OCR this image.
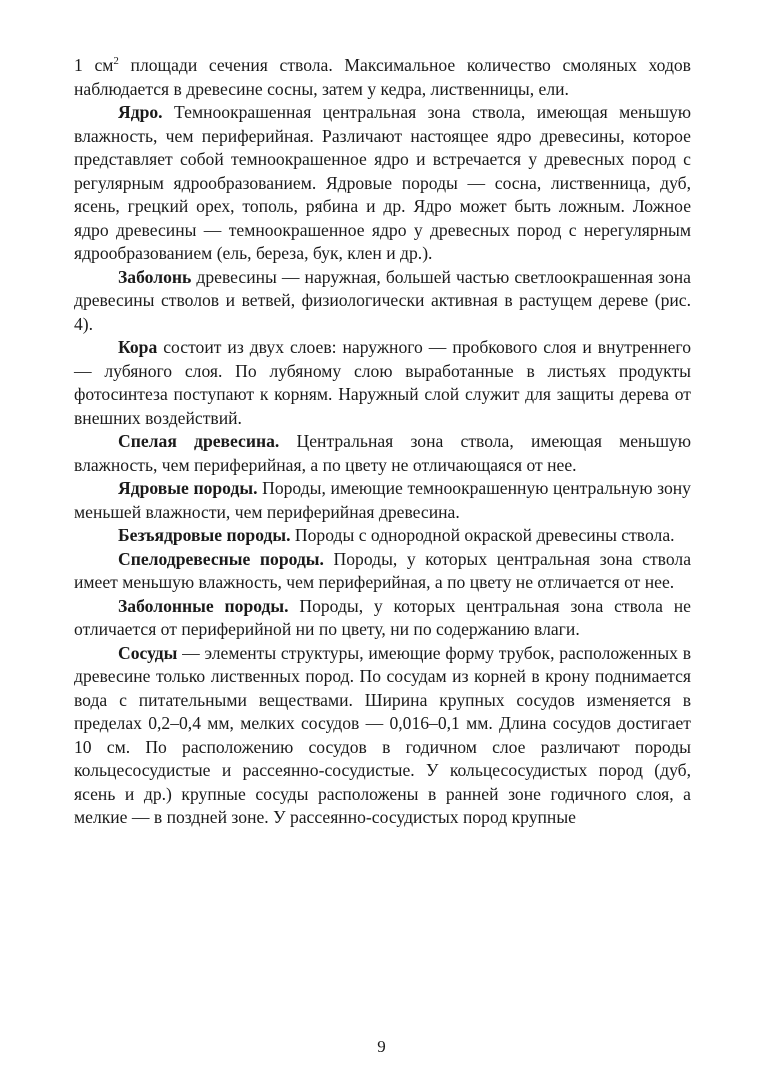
1 $см^2$ площади сечения ствола. Максимальное количество смоляных ходов наблюдается в древесине сосны, затем у кедра, лиственницы, ели.

Ядро. Темноокрашенная центральная зона ствола, имеющая меньшую влажность, чем периферийная. Различают настоящее ядро древесины, которое представляет собой темноокрашенное ядро и встречается у древесных пород с регулярным ядрообразованием. Ядровые породы — сосна, лиственница, дуб, ясень, грецкий орех, тополь, рябина и др. Ядро может быть ложным. Ложное ядро древесины — темноокрашенное ядро у древесных пород с нерегулярным ядрообразованием (ель, береза, бук, клен и др.).

Заболонь древесины — наружная, большей частью светлоокрашенная зона древесины стволов и ветвей, физиологически активная в растущем дереве (рис. 4).

Кора состоит из двух слоев: наружного — пробкового слоя и внутреннего — лубяного слоя. По лубяному слою выработанные в листьях продукты фотосинтеза поступают к корням. Наружный слой служит для защиты дерева от внешних воздействий.

Спелая древесина. Центральная зона ствола, имеющая меньшую влажность, чем периферийная, а по цвету не отличающаяся от нее.

Ядровые породы. Породы, имеющие темноокрашенную центральную зону меньшей влажности, чем периферийная древесина.

Безъядровые породы. Породы с однородной окраской древесины ствола.

Спелодревесные породы. Породы, у которых центральная зона ствола имеет меньшую влажность, чем периферийная, а по цвету не отличается от нее.

Заболонные породы. Породы, у которых центральная зона ствола не отличается от периферийной ни по цвету, ни по содержанию влаги.

Сосуды — элементы структуры, имеющие форму трубок, расположенных в древесине только лиственных пород. По сосудам из корней в крону поднимается вода с питательными веществами. Ширина крупных сосудов изменяется в пределах 0,2–0,4 мм, мелких сосудов — 0,016–0,1 мм. Длина сосудов достигает 10 см. По расположению сосудов в годичном слое различают породы кольцесосудистые и рассеянно-сосудистые. У кольцесосудистых пород (дуб, ясень и др.) крупные сосуды расположены в ранней зоне годичного слоя, а мелкие — в поздней зоне. У рассеянно-сосудистых пород крупные

9
